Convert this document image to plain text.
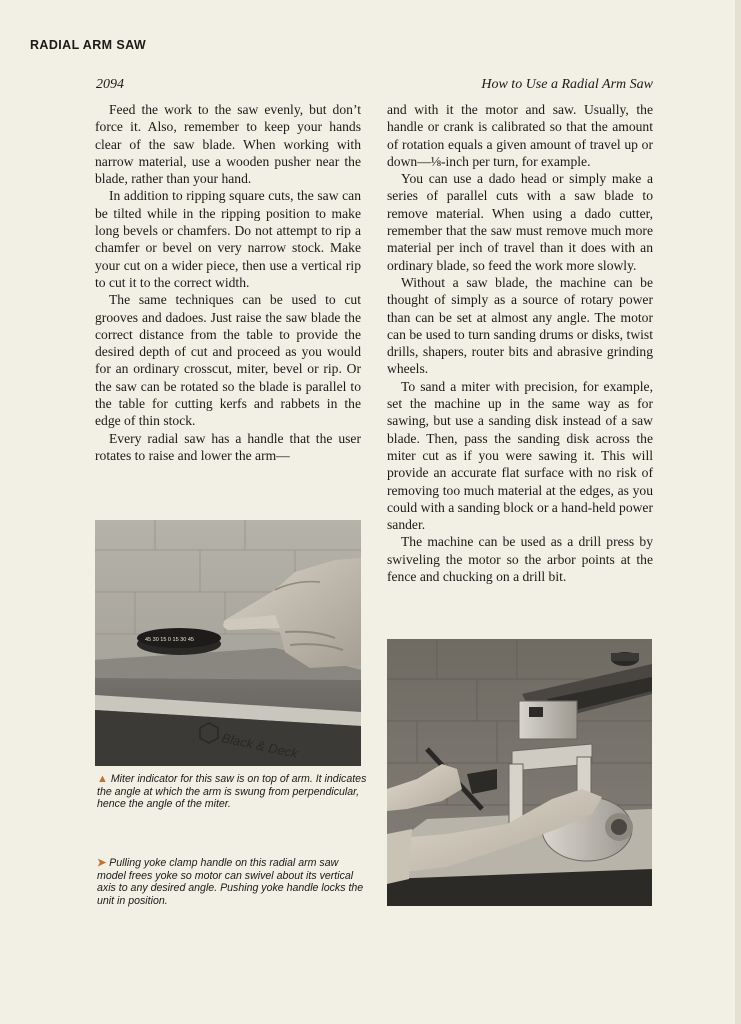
RADIAL ARM SAW
2094	How to Use a Radial Arm Saw

Feed the work to the saw evenly, but don’t force it. Also, remember to keep your hands clear of the saw blade. When working with narrow material, use a wooden pusher near the blade, rather than your hand.

In addition to ripping square cuts, the saw can be tilted while in the ripping position to make long bevels or chamfers. Do not attempt to rip a chamfer or bevel on very narrow stock. Make your cut on a wider piece, then use a vertical rip to cut it to the correct width.

The same techniques can be used to cut grooves and dadoes. Just raise the saw blade the correct distance from the table to provide the desired depth of cut and proceed as you would for an ordinary crosscut, miter, bevel or rip. Or the saw can be rotated so the blade is parallel to the table for cutting kerfs and rabbets in the edge of thin stock.

Every radial saw has a handle that the user rotates to raise and lower the arm—

and with it the motor and saw. Usually, the handle or crank is calibrated so that the amount of rotation equals a given amount of travel up or down—⅛-inch per turn, for example.

You can use a dado head or simply make a series of parallel cuts with a saw blade to remove material. When using a dado cutter, remember that the saw must remove much more material per inch of travel than it does with an ordinary blade, so feed the work more slowly.

Without a saw blade, the machine can be thought of simply as a source of rotary power than can be set at almost any angle. The motor can be used to turn sanding drums or disks, twist drills, shapers, router bits and abrasive grinding wheels.

To sand a miter with precision, for example, set the machine up in the same way as for sawing, but use a sanding disk instead of a saw blade. Then, pass the sanding disk across the miter cut as if you were sawing it. This will provide an accurate flat surface with no risk of removing too much material at the edges, as you could with a sanding block or a hand-held power sander.

The machine can be used as a drill press by swiveling the motor so the arbor points at the fence and chucking on a drill bit.

Black & Deck
45 30 15 0 15 30 45
▲ Miter indicator for this saw is on top of arm. It indicates the angle at which the arm is swung from perpendicular, hence the angle of the miter.
➤ Pulling yoke clamp handle on this radial arm saw model frees yoke so motor can swivel about its vertical axis to any desired angle. Pushing yoke handle locks the unit in position.
